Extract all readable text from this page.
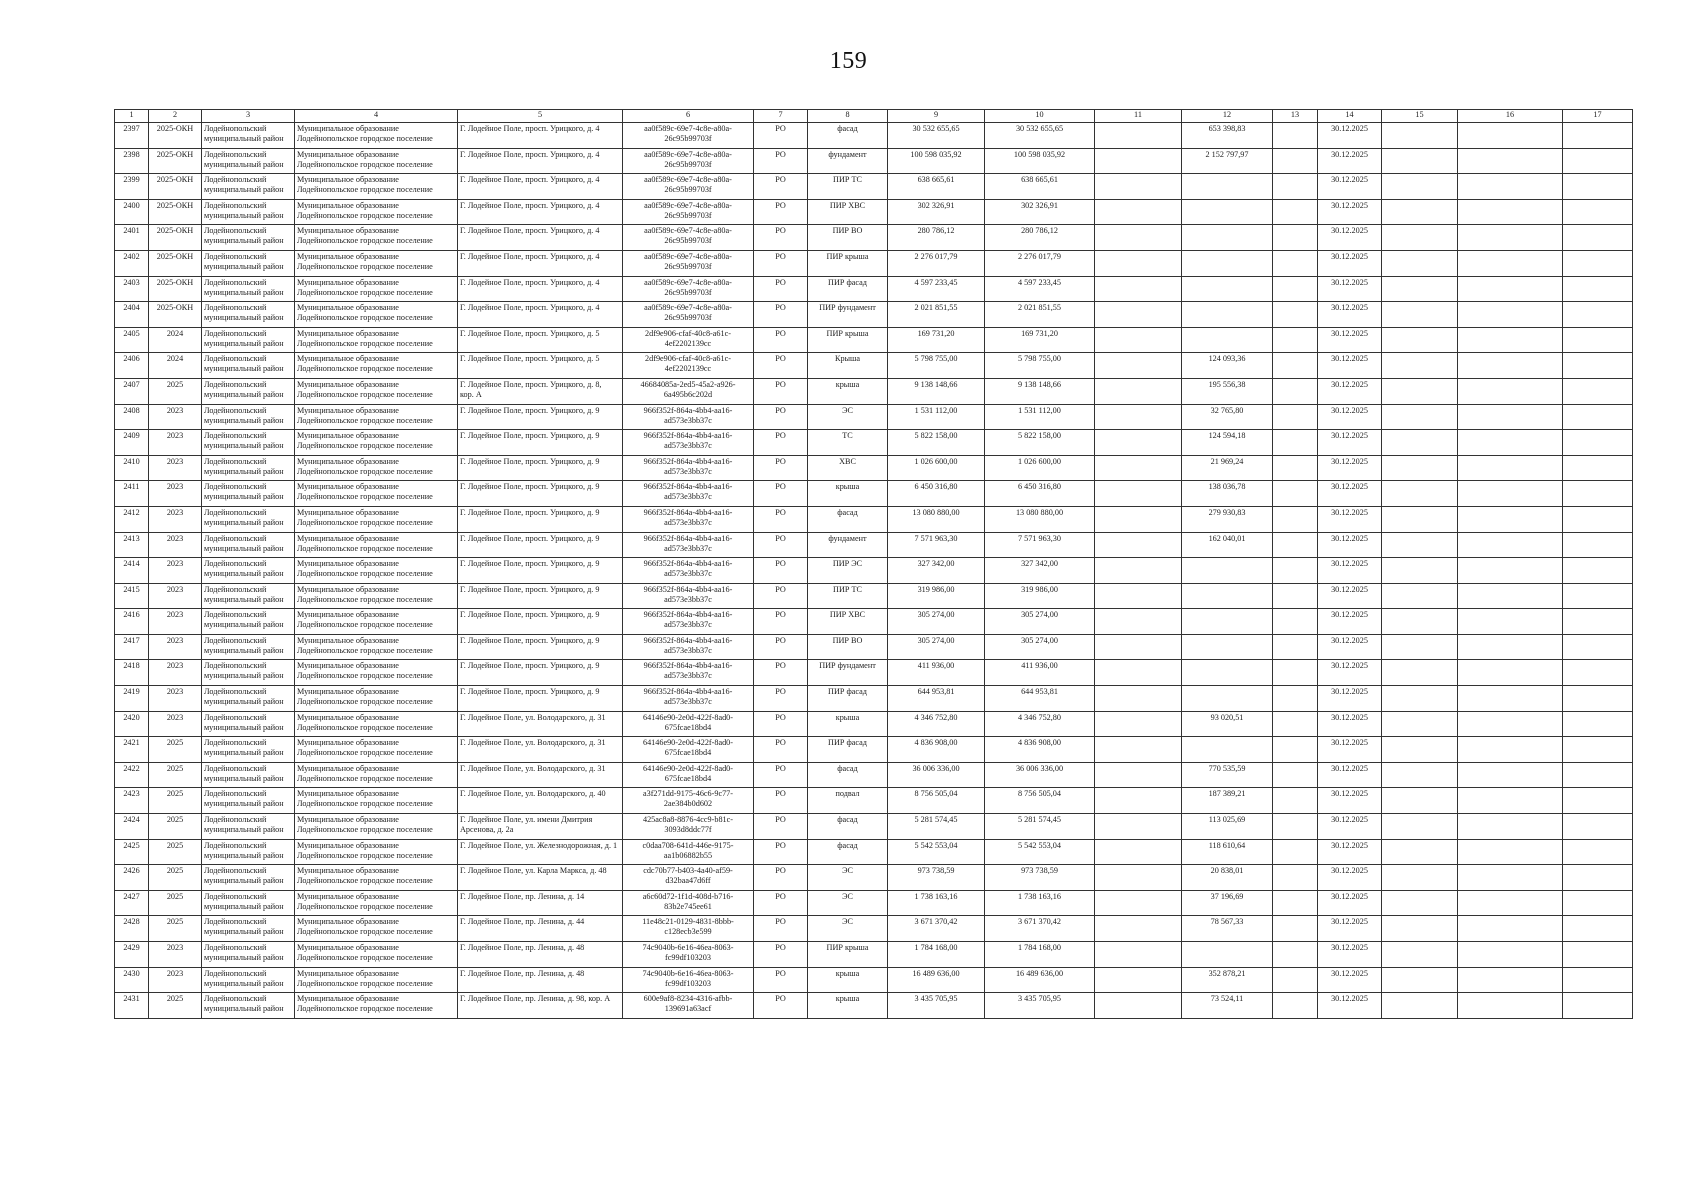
159
1	2	3	4	5	6	7	8	9	10	11	12	13	14	15	16	17
2397	2025-ОКН	Лодейнопольский
муниципальный район	Муниципальное образование
Лодейнопольское городское поселение	Г. Лодейное Поле, просп. Урицкого, д. 4	aa0f589c-69e7-4c8e-a80a-
26c95b99703f	РО	фасад	30 532 655,65	30 532 655,65		653 398,83		30.12.2025			
2398	2025-ОКН	Лодейнопольский
муниципальный район	Муниципальное образование
Лодейнопольское городское поселение	Г. Лодейное Поле, просп. Урицкого, д. 4	aa0f589c-69e7-4c8e-a80a-
26c95b99703f	РО	фундамент	100 598 035,92	100 598 035,92		2 152 797,97		30.12.2025			
2399	2025-ОКН	Лодейнопольский
муниципальный район	Муниципальное образование
Лодейнопольское городское поселение	Г. Лодейное Поле, просп. Урицкого, д. 4	aa0f589c-69e7-4c8e-a80a-
26c95b99703f	РО	ПИР ТС	638 665,61	638 665,61				30.12.2025			
2400	2025-ОКН	Лодейнопольский
муниципальный район	Муниципальное образование
Лодейнопольское городское поселение	Г. Лодейное Поле, просп. Урицкого, д. 4	aa0f589c-69e7-4c8e-a80a-
26c95b99703f	РО	ПИР ХВС	302 326,91	302 326,91				30.12.2025			
2401	2025-ОКН	Лодейнопольский
муниципальный район	Муниципальное образование
Лодейнопольское городское поселение	Г. Лодейное Поле, просп. Урицкого, д. 4	aa0f589c-69e7-4c8e-a80a-
26c95b99703f	РО	ПИР ВО	280 786,12	280 786,12				30.12.2025			
2402	2025-ОКН	Лодейнопольский
муниципальный район	Муниципальное образование
Лодейнопольское городское поселение	Г. Лодейное Поле, просп. Урицкого, д. 4	aa0f589c-69e7-4c8e-a80a-
26c95b99703f	РО	ПИР крыша	2 276 017,79	2 276 017,79				30.12.2025			
2403	2025-ОКН	Лодейнопольский
муниципальный район	Муниципальное образование
Лодейнопольское городское поселение	Г. Лодейное Поле, просп. Урицкого, д. 4	aa0f589c-69e7-4c8e-a80a-
26c95b99703f	РО	ПИР фасад	4 597 233,45	4 597 233,45				30.12.2025			
2404	2025-ОКН	Лодейнопольский
муниципальный район	Муниципальное образование
Лодейнопольское городское поселение	Г. Лодейное Поле, просп. Урицкого, д. 4	aa0f589c-69e7-4c8e-a80a-
26c95b99703f	РО	ПИР фундамент	2 021 851,55	2 021 851,55				30.12.2025			
2405	2024	Лодейнопольский
муниципальный район	Муниципальное образование
Лодейнопольское городское поселение	Г. Лодейное Поле, просп. Урицкого, д. 5	2df9e906-cfaf-40c8-a61c-
4ef2202139cc	РО	ПИР крыша	169 731,20	169 731,20				30.12.2025			
2406	2024	Лодейнопольский
муниципальный район	Муниципальное образование
Лодейнопольское городское поселение	Г. Лодейное Поле, просп. Урицкого, д. 5	2df9e906-cfaf-40c8-a61c-
4ef2202139cc	РО	Крыша	5 798 755,00	5 798 755,00		124 093,36		30.12.2025			
2407	2025	Лодейнопольский
муниципальный район	Муниципальное образование
Лодейнопольское городское поселение	Г. Лодейное Поле, просп. Урицкого, д. 8,
кор. А	46684085a-2ed5-45a2-a926-
6a495b6c202d	РО	крыша	9 138 148,66	9 138 148,66		195 556,38		30.12.2025			
2408	2023	Лодейнопольский
муниципальный район	Муниципальное образование
Лодейнопольское городское поселение	Г. Лодейное Поле, просп. Урицкого, д. 9	966f352f-864a-4bb4-aa16-
ad573e3bb37c	РО	ЭС	1 531 112,00	1 531 112,00		32 765,80		30.12.2025			
2409	2023	Лодейнопольский
муниципальный район	Муниципальное образование
Лодейнопольское городское поселение	Г. Лодейное Поле, просп. Урицкого, д. 9	966f352f-864a-4bb4-aa16-
ad573e3bb37c	РО	ТС	5 822 158,00	5 822 158,00		124 594,18		30.12.2025			
2410	2023	Лодейнопольский
муниципальный район	Муниципальное образование
Лодейнопольское городское поселение	Г. Лодейное Поле, просп. Урицкого, д. 9	966f352f-864a-4bb4-aa16-
ad573e3bb37c	РО	ХВС	1 026 600,00	1 026 600,00		21 969,24		30.12.2025			
2411	2023	Лодейнопольский
муниципальный район	Муниципальное образование
Лодейнопольское городское поселение	Г. Лодейное Поле, просп. Урицкого, д. 9	966f352f-864a-4bb4-aa16-
ad573e3bb37c	РО	крыша	6 450 316,80	6 450 316,80		138 036,78		30.12.2025			
2412	2023	Лодейнопольский
муниципальный район	Муниципальное образование
Лодейнопольское городское поселение	Г. Лодейное Поле, просп. Урицкого, д. 9	966f352f-864a-4bb4-aa16-
ad573e3bb37c	РО	фасад	13 080 880,00	13 080 880,00		279 930,83		30.12.2025			
2413	2023	Лодейнопольский
муниципальный район	Муниципальное образование
Лодейнопольское городское поселение	Г. Лодейное Поле, просп. Урицкого, д. 9	966f352f-864a-4bb4-aa16-
ad573e3bb37c	РО	фундамент	7 571 963,30	7 571 963,30		162 040,01		30.12.2025			
2414	2023	Лодейнопольский
муниципальный район	Муниципальное образование
Лодейнопольское городское поселение	Г. Лодейное Поле, просп. Урицкого, д. 9	966f352f-864a-4bb4-aa16-
ad573e3bb37c	РО	ПИР ЭС	327 342,00	327 342,00				30.12.2025			
2415	2023	Лодейнопольский
муниципальный район	Муниципальное образование
Лодейнопольское городское поселение	Г. Лодейное Поле, просп. Урицкого, д. 9	966f352f-864a-4bb4-aa16-
ad573e3bb37c	РО	ПИР ТС	319 986,00	319 986,00				30.12.2025			
2416	2023	Лодейнопольский
муниципальный район	Муниципальное образование
Лодейнопольское городское поселение	Г. Лодейное Поле, просп. Урицкого, д. 9	966f352f-864a-4bb4-aa16-
ad573e3bb37c	РО	ПИР ХВС	305 274,00	305 274,00				30.12.2025			
2417	2023	Лодейнопольский
муниципальный район	Муниципальное образование
Лодейнопольское городское поселение	Г. Лодейное Поле, просп. Урицкого, д. 9	966f352f-864a-4bb4-aa16-
ad573e3bb37c	РО	ПИР ВО	305 274,00	305 274,00				30.12.2025			
2418	2023	Лодейнопольский
муниципальный район	Муниципальное образование
Лодейнопольское городское поселение	Г. Лодейное Поле, просп. Урицкого, д. 9	966f352f-864a-4bb4-aa16-
ad573e3bb37c	РО	ПИР фундамент	411 936,00	411 936,00				30.12.2025			
2419	2023	Лодейнопольский
муниципальный район	Муниципальное образование
Лодейнопольское городское поселение	Г. Лодейное Поле, просп. Урицкого, д. 9	966f352f-864a-4bb4-aa16-
ad573e3bb37c	РО	ПИР фасад	644 953,81	644 953,81				30.12.2025			
2420	2023	Лодейнопольский
муниципальный район	Муниципальное образование
Лодейнопольское городское поселение	Г. Лодейное Поле, ул. Володарского, д. 31	64146e90-2e0d-422f-8ad0-
675fcae18bd4	РО	крыша	4 346 752,80	4 346 752,80		93 020,51		30.12.2025			
2421	2025	Лодейнопольский
муниципальный район	Муниципальное образование
Лодейнопольское городское поселение	Г. Лодейное Поле, ул. Володарского, д. 31	64146e90-2e0d-422f-8ad0-
675fcae18bd4	РО	ПИР фасад	4 836 908,00	4 836 908,00				30.12.2025			
2422	2025	Лодейнопольский
муниципальный район	Муниципальное образование
Лодейнопольское городское поселение	Г. Лодейное Поле, ул. Володарского, д. 31	64146e90-2e0d-422f-8ad0-
675fcae18bd4	РО	фасад	36 006 336,00	36 006 336,00		770 535,59		30.12.2025			
2423	2025	Лодейнопольский
муниципальный район	Муниципальное образование
Лодейнопольское городское поселение	Г. Лодейное Поле, ул. Володарского, д. 40	a3f271dd-9175-46c6-9c77-
2ae384b0d602	РО	подвал	8 756 505,04	8 756 505,04		187 389,21		30.12.2025			
2424	2025	Лодейнопольский
муниципальный район	Муниципальное образование
Лодейнопольское городское поселение	Г. Лодейное Поле, ул. имени Дмитрия
Арсенова, д. 2а	425ac8a8-8876-4cc9-b81c-
3093d8ddc77f	РО	фасад	5 281 574,45	5 281 574,45		113 025,69		30.12.2025			
2425	2025	Лодейнопольский
муниципальный район	Муниципальное образование
Лодейнопольское городское поселение	Г. Лодейное Поле, ул. Железнодорожная, д. 1	c0daa708-641d-446e-9175-
aa1b06882b55	РО	фасад	5 542 553,04	5 542 553,04		118 610,64		30.12.2025			
2426	2025	Лодейнопольский
муниципальный район	Муниципальное образование
Лодейнопольское городское поселение	Г. Лодейное Поле, ул. Карла Маркса, д. 48	cdc70b77-b403-4a40-af59-
d32baa47d6ff	РО	ЭС	973 738,59	973 738,59		20 838,01		30.12.2025			
2427	2025	Лодейнопольский
муниципальный район	Муниципальное образование
Лодейнопольское городское поселение	Г. Лодейное Поле, пр. Ленина, д. 14	a6c60d72-1f1d-408d-b716-
83b2e745ee61	РО	ЭС	1 738 163,16	1 738 163,16		37 196,69		30.12.2025			
2428	2025	Лодейнопольский
муниципальный район	Муниципальное образование
Лодейнопольское городское поселение	Г. Лодейное Поле, пр. Ленина, д. 44	11e48c21-0129-4831-8bbb-
c128ecb3e599	РО	ЭС	3 671 370,42	3 671 370,42		78 567,33		30.12.2025			
2429	2023	Лодейнопольский
муниципальный район	Муниципальное образование
Лодейнопольское городское поселение	Г. Лодейное Поле, пр. Ленина, д. 48	74c9040b-6e16-46ea-8063-
fc99df103203	РО	ПИР крыша	1 784 168,00	1 784 168,00				30.12.2025			
2430	2023	Лодейнопольский
муниципальный район	Муниципальное образование
Лодейнопольское городское поселение	Г. Лодейное Поле, пр. Ленина, д. 48	74c9040b-6e16-46ea-8063-
fc99df103203	РО	крыша	16 489 636,00	16 489 636,00		352 878,21		30.12.2025			
2431	2025	Лодейнопольский
муниципальный район	Муниципальное образование
Лодейнопольское городское поселение	Г. Лодейное Поле, пр. Ленина, д. 98, кор. А	600e9af8-8234-4316-afbb-
139691a63acf	РО	крыша	3 435 705,95	3 435 705,95		73 524,11		30.12.2025			
